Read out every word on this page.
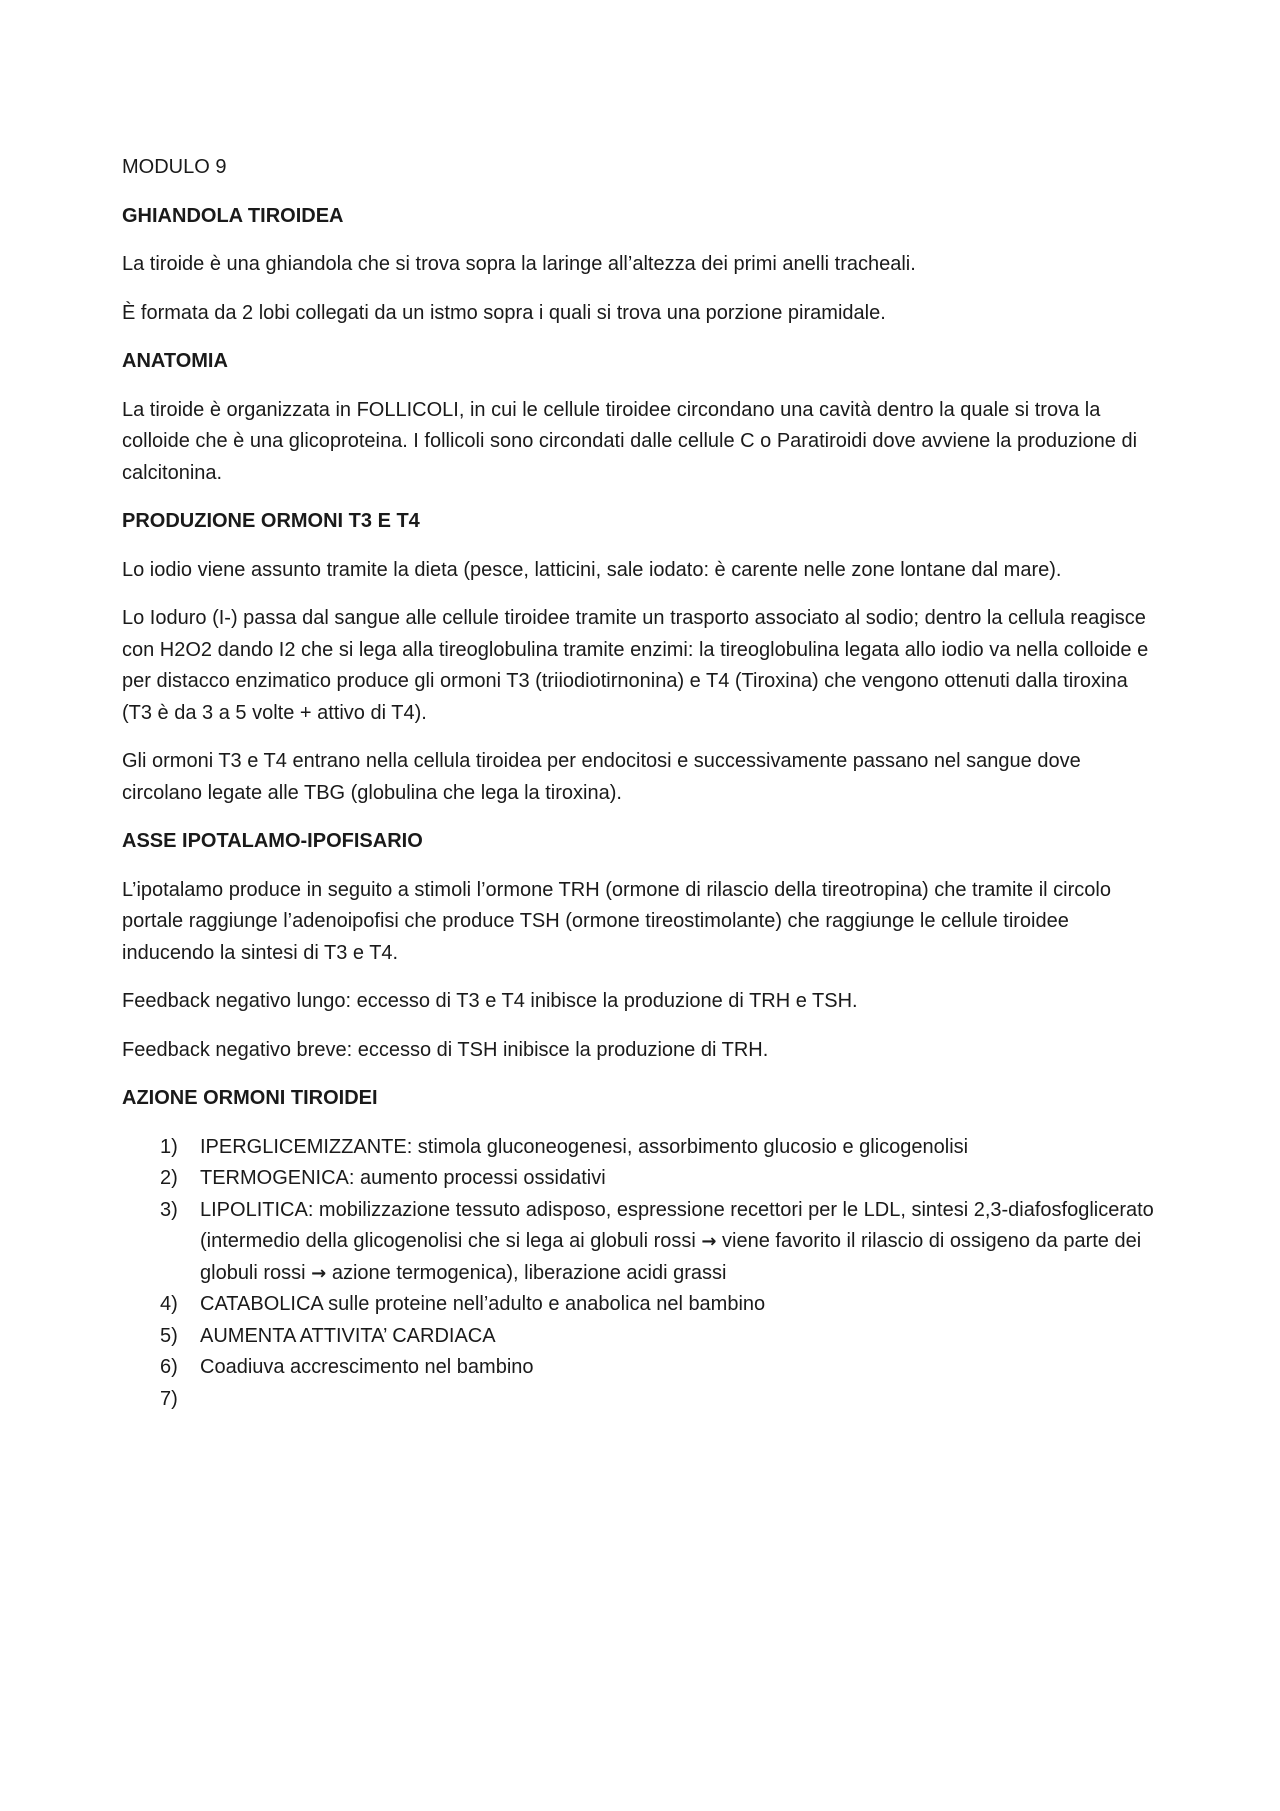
MODULO 9
GHIANDOLA TIROIDEA
La tiroide è una ghiandola che si trova sopra la laringe all’altezza dei primi anelli tracheali.
È formata da 2 lobi collegati da un istmo sopra i quali si trova una porzione piramidale.
ANATOMIA
La tiroide è organizzata in FOLLICOLI, in cui le cellule tiroidee circondano una cavità dentro la quale si trova la colloide che è una glicoproteina. I follicoli sono circondati dalle cellule C o Paratiroidi dove avviene la produzione di calcitonina.
PRODUZIONE ORMONI T3 E T4
Lo iodio viene assunto tramite la dieta (pesce, latticini, sale iodato: è carente nelle zone lontane dal mare).
Lo Ioduro (I-) passa dal sangue alle cellule tiroidee tramite un trasporto associato al sodio; dentro la cellula reagisce con H2O2 dando I2 che si lega alla tireoglobulina tramite enzimi: la tireoglobulina legata allo iodio va nella colloide e per distacco enzimatico produce gli ormoni T3 (triiodiotirnonina) e T4 (Tiroxina) che vengono ottenuti dalla tiroxina (T3 è da 3 a 5 volte + attivo di T4).
Gli ormoni T3 e T4 entrano nella cellula tiroidea per endocitosi e successivamente passano nel sangue dove circolano legate alle TBG (globulina che lega la tiroxina).
ASSE IPOTALAMO-IPOFISARIO
L’ipotalamo produce in seguito a stimoli l’ormone TRH (ormone di rilascio della tireotropina) che tramite il circolo portale raggiunge l’adenoipofisi che produce TSH (ormone tireostimolante) che raggiunge le cellule tiroidee inducendo la sintesi di T3 e T4.
Feedback negativo lungo: eccesso di T3 e T4 inibisce la produzione di TRH e TSH.
Feedback negativo breve: eccesso di TSH inibisce la produzione di TRH.
AZIONE ORMONI TIROIDEI
1) IPERGLICEMIZZANTE: stimola gluconeogenesi, assorbimento glucosio e glicogenolisi
2) TERMOGENICA: aumento processi ossidativi
3) LIPOLITICA: mobilizzazione tessuto adisposo, espressione recettori per le LDL, sintesi 2,3-diafosfoglicerato (intermedio della glicogenolisi che si lega ai globuli rossi → viene favorito il rilascio di ossigeno da parte dei globuli rossi → azione termogenica), liberazione acidi grassi
4) CATABOLICA sulle proteine nell’adulto e anabolica nel bambino
5) AUMENTA ATTIVITA’ CARDIACA
6) Coadiuva accrescimento nel bambino
7)
